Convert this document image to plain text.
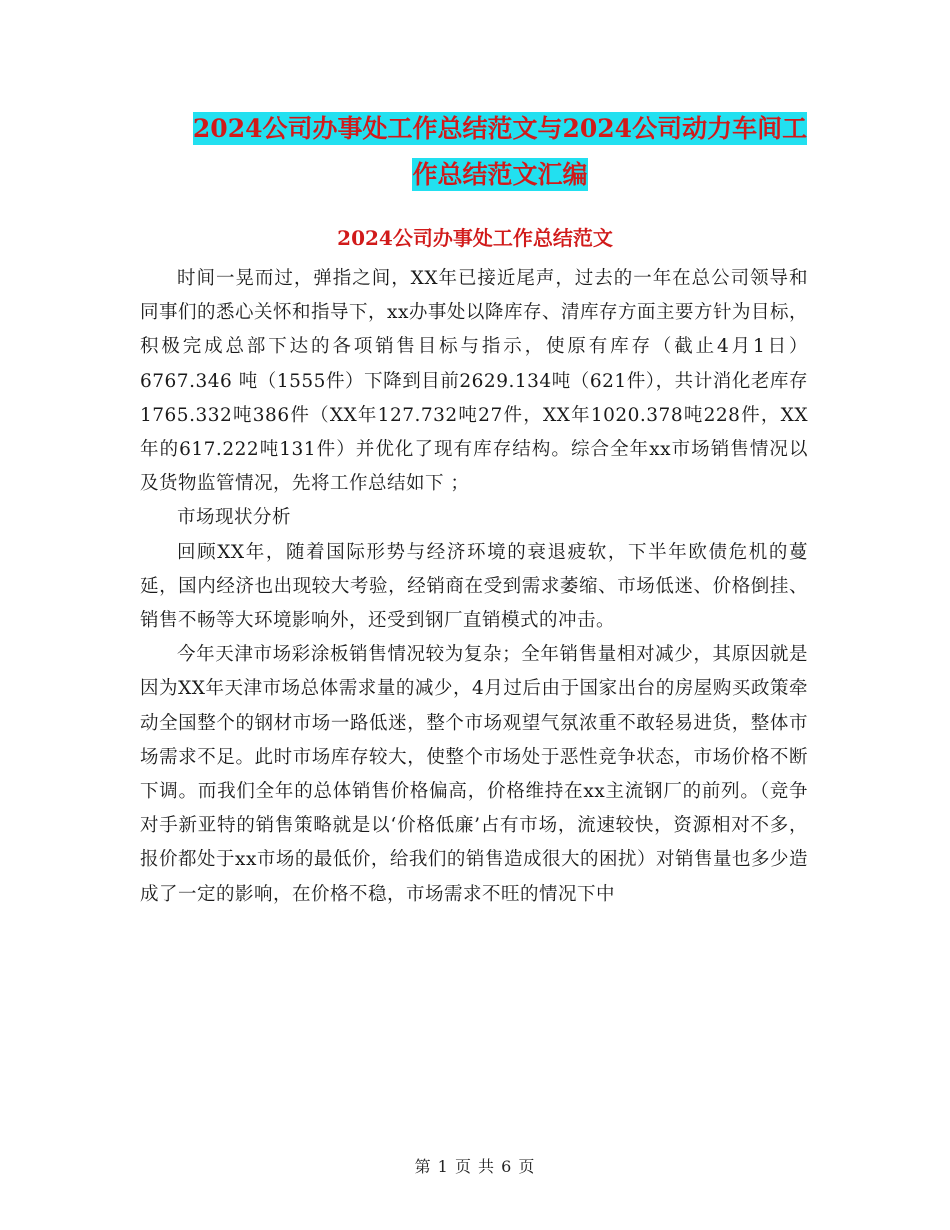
2024公司办事处工作总结范文与2024公司动力车间工
作总结范文汇编
2024公司办事处工作总结范文

时间一晃而过，弹指之间，XX年已接近尾声，过去的一年在总公司领导和同事们的悉心关怀和指导下，xx办事处以降库存、清库存方面主要方针为目标，积极完成总部下达的各项销售目标与指示，使原有库存（截止4月1日）6767.346 吨（1555件）下降到目前2629.134吨（621件），共计消化老库存1765.332吨386件（XX年127.732吨27件，XX年1020.378吨228件，XX年的617.222吨131件）并优化了现有库存结构。综合全年xx市场销售情况以及货物监管情况，先将工作总结如下 ；

市场现状分析

回顾XX年，随着国际形势与经济环境的衰退疲软，下半年欧债危机的蔓延，国内经济也出现较大考验，经销商在受到需求萎缩、市场低迷、价格倒挂、销售不畅等大环境影响外，还受到钢厂直销模式的冲击。

今年天津市场彩涂板销售情况较为复杂；全年销售量相对减少，其原因就是因为XX年天津市场总体需求量的减少，4月过后由于国家出台的房屋购买政策牵动全国整个的钢材市场一路低迷，整个市场观望气氛浓重不敢轻易进货，整体市场需求不足。此时市场库存较大，使整个市场处于恶性竞争状态，市场价格不断下调。而我们全年的总体销售价格偏高，价格维持在xx主流钢厂的前列。（竞争对手新亚特的销售策略就是以‘价格低廉’占有市场，流速较快，资源相对不多，报价都处于xx市场的最低价，给我们的销售造成很大的困扰）对销售量也多少造成了一定的影响，在价格不稳，市场需求不旺的情况下中

第 1 页 共 6 页
